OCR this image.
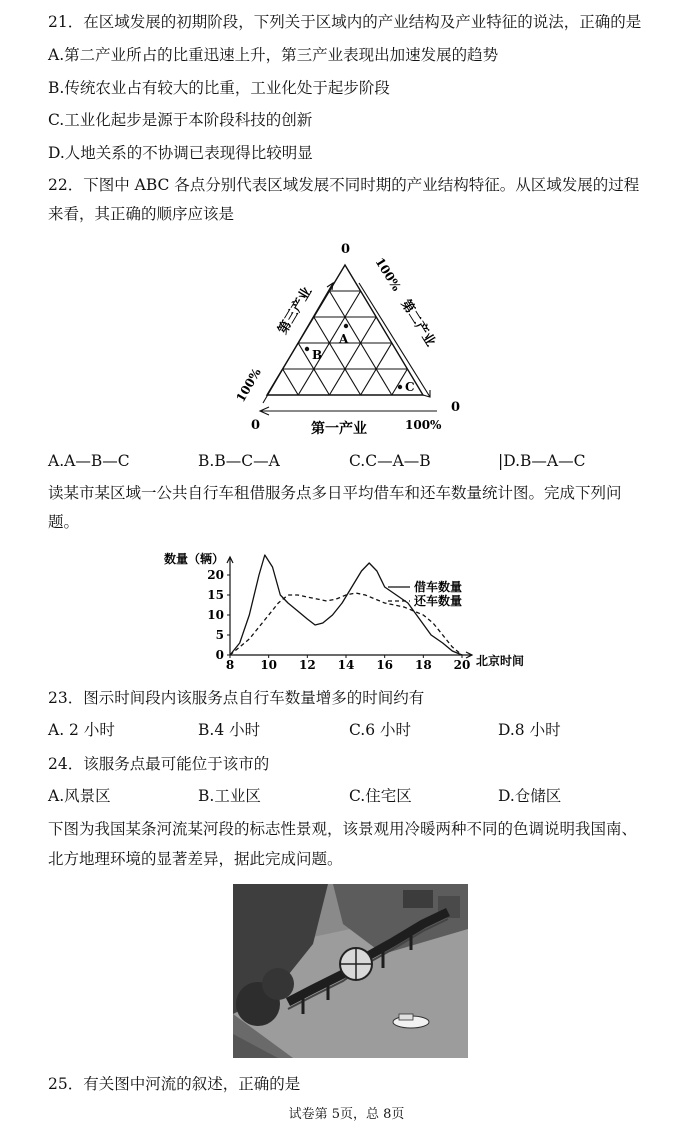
21．在区域发展的初期阶段，下列关于区域内的产业结构及产业特征的说法，正确的是
A.第二产业所占的比重迅速上升，第三产业表现出加速发展的趋势
B.传统农业占有较大的比重，工业化处于起步阶段
C.工业化起步是源于本阶段科技的创新
D.人地关系的不协调已表现得比较明显
22．下图中 ABC 各点分别代表区域发展不同时期的产业结构特征。从区域发展的过程
来看，其正确的顺序应该是
0
A
B
C
第三产业	第二产业
第一产业
100%
100%
100%
0
0
A.A—B—C	B.B—C—A	C.C—A—B	|D.B—A—C
读某市某区域一公共自行车租借服务点多日平均借车和还车数量统计图。完成下列问
题。
8 10 12 14 16 18 20
0
5
10
15
20
数量（辆）
北京时间
借车数量
还车数量
23．图示时间段内该服务点自行车数量增多的时间约有
A. 2 小时	B.4 小时	C.6 小时	D.8 小时
24．该服务点最可能位于该市的
A.风景区	B.工业区	C.住宅区	D.仓储区
下图为我国某条河流某河段的标志性景观，该景观用冷暖两种不同的色调说明我国南、
北方地理环境的显著差异，据此完成问题。
25．有关图中河流的叙述，正确的是
试卷第 5页，总 8页
